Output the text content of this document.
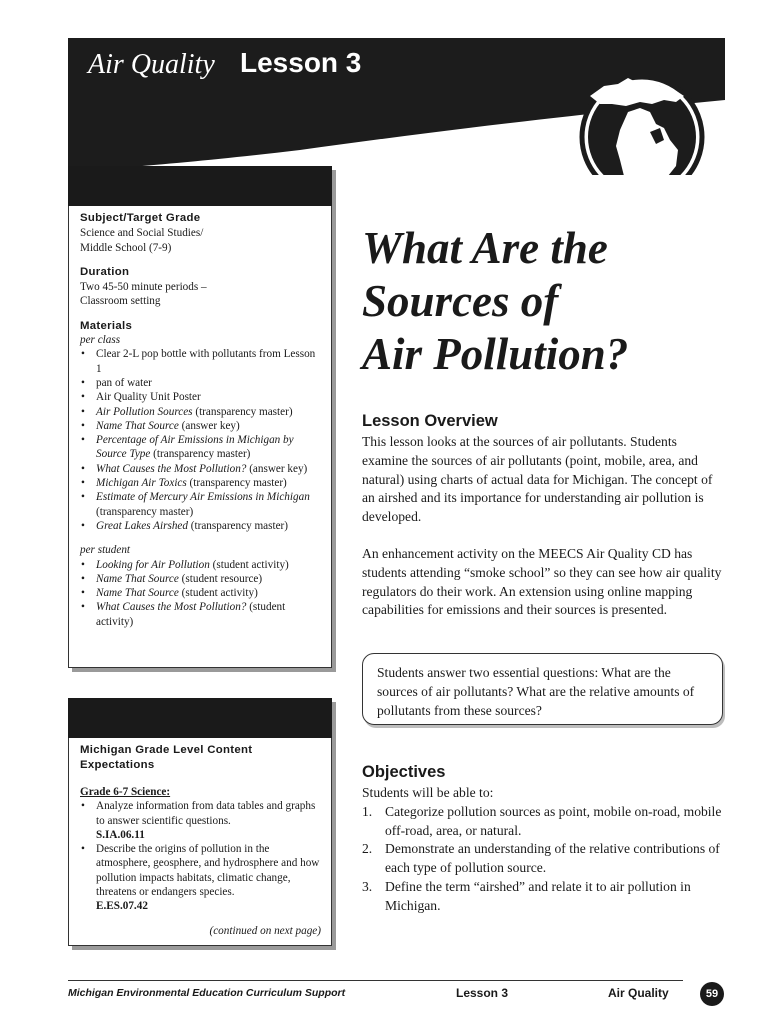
Air Quality Lesson 3
Subject/Target Grade
Science and Social Studies/
Middle School (7-9)
Duration
Two 45-50 minute periods –
Classroom setting
Materials
per class
• Clear 2-L pop bottle with pollutants from Lesson 1
• pan of water
• Air Quality Unit Poster
• Air Pollution Sources (transparency master)
• Name That Source (answer key)
• Percentage of Air Emissions in Michigan by Source Type (transparency master)
• What Causes the Most Pollution? (answer key)
• Michigan Air Toxics (transparency master)
• Estimate of Mercury Air Emissions in Michigan (transparency master)
• Great Lakes Airshed (transparency master)
per student
• Looking for Air Pollution (student activity)
• Name That Source (student resource)
• Name That Source (student activity)
• What Causes the Most Pollution? (student activity)
Michigan Grade Level Content Expectations
Grade 6-7 Science:
• Analyze information from data tables and graphs to answer scientific questions.
S.IA.06.11
• Describe the origins of pollution in the atmosphere, geosphere, and hydrosphere and how pollution impacts habitats, climatic change, threatens or endangers species.
E.ES.07.42
(continued on next page)
What Are the
Sources of
Air Pollution?
Lesson Overview

This lesson looks at the sources of air pollutants. Students examine the sources of air pollutants (point, mobile, area, and natural) using charts of actual data for Michigan. The concept of an airshed and its importance for understanding air pollution is developed.

An enhancement activity on the MEECS Air Quality CD has students attending “smoke school” so they can see how air quality regulators do their work. An extension using online mapping capabilities for emissions and their sources is presented.

Students answer two essential questions: What are the sources of air pollutants? What are the relative amounts of pollutants from these sources?
Objectives
Students will be able to:
1. Categorize pollution sources as point, mobile on-road, mobile off-road, area, or natural.
2. Demonstrate an understanding of the relative contributions of each type of pollution source.
3. Define the term “airshed” and relate it to air pollution in Michigan.
Michigan Environmental Education Curriculum Support	Lesson 3	Air Quality	59
